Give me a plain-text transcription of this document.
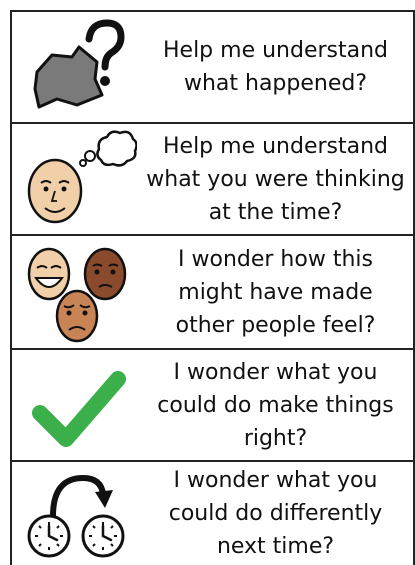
Help me understand
what happened?
Help me understand
what you were thinking
at the time?
I wonder how this
might have made
other people feel?
I wonder what you
could do make things
right?
I wonder what you
could do differently
next time?
